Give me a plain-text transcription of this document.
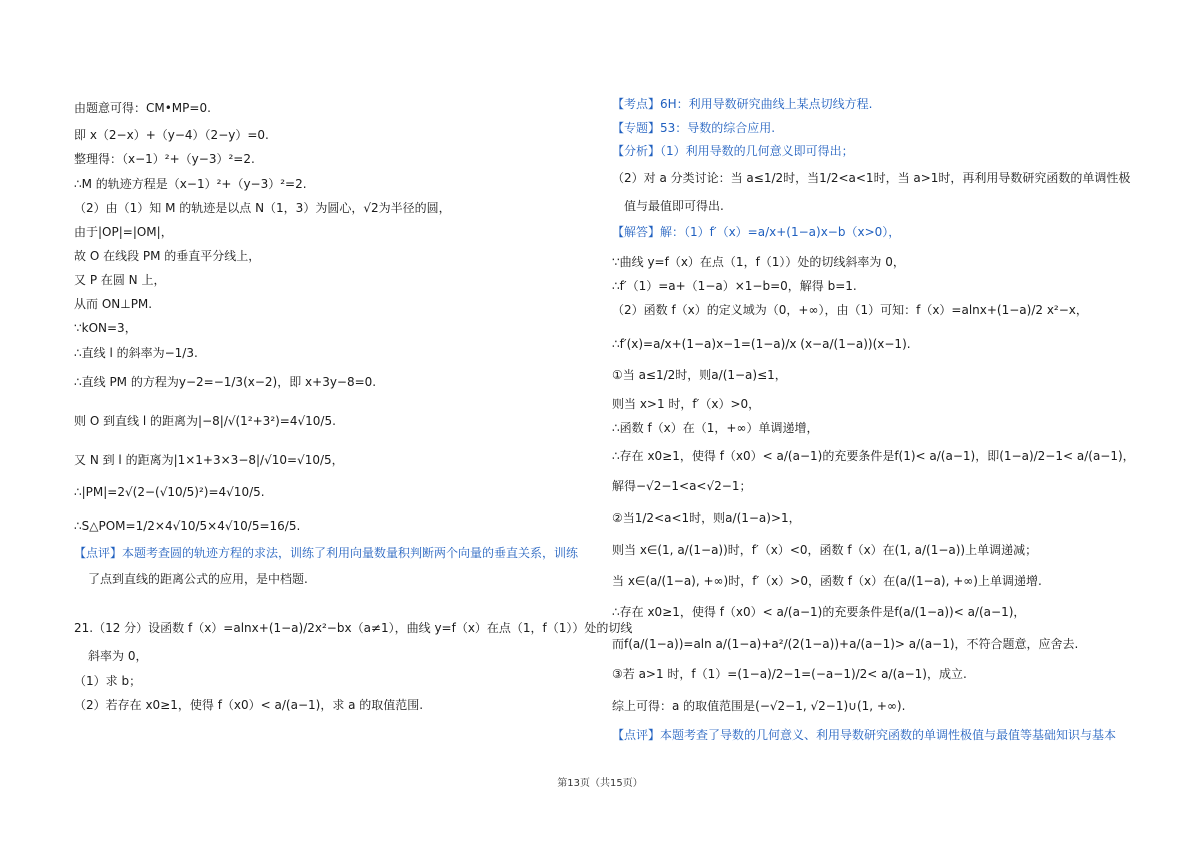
由题意可得：CM•MP=0.
即 x（2−x）+（y−4）（2−y）=0.
整理得：（x−1）²+（y−3）²=2.
∴M 的轨迹方程是（x−1）²+（y−3）²=2.
（2）由（1）知 M 的轨迹是以点 N（1，3）为圆心，√2为半径的圆，
由于|OP|=|OM|，
故 O 在线段 PM 的垂直平分线上，
又 P 在圆 N 上，
从而 ON⊥PM.
∵kON=3，
∴直线 l 的斜率为−1/3.
∴直线 PM 的方程为y−2=−1/3(x−2)，即 x+3y−8=0.
则 O 到直线 l 的距离为|−8|/√(1²+3²)=4√10/5.
又 N 到 l 的距离为|1×1+3×3−8|/√10=√10/5，
∴|PM|=2√(2−(√10/5)²)=4√10/5.
∴S△POM=1/2×4√10/5×4√10/5=16/5.
【点评】本题考查圆的轨迹方程的求法，训练了利用向量数量积判断两个向量的垂直关系，训练
了点到直线的距离公式的应用，是中档题.
21.（12 分）设函数 f（x）=alnx+(1−a)/2x²−bx（a≠1），曲线 y=f（x）在点（1，f（1））处的切线
斜率为 0，
（1）求 b；
（2）若存在 x0≥1，使得 f（x0）< a/(a−1)，求 a 的取值范围.
【考点】6H：利用导数研究曲线上某点切线方程.
【专题】53：导数的综合应用.
【分析】（1）利用导数的几何意义即可得出；
（2）对 a 分类讨论：当 a≤1/2时，当1/2<a<1时，当 a>1时，再利用导数研究函数的单调性极
值与最值即可得出.
【解答】解：（1）f′（x）=a/x+(1−a)x−b（x>0），
∵曲线 y=f（x）在点（1，f（1））处的切线斜率为 0，
∴f′（1）=a+（1−a）×1−b=0，解得 b=1.
（2）函数 f（x）的定义域为（0，+∞），由（1）可知：f（x）=alnx+(1−a)/2 x²−x，
∴f′(x)=a/x+(1−a)x−1=(1−a)/x (x−a/(1−a))(x−1).
①当 a≤1/2时，则a/(1−a)≤1，
则当 x>1 时，f′（x）>0，
∴函数 f（x）在（1，+∞）单调递增，
∴存在 x0≥1，使得 f（x0）< a/(a−1)的充要条件是f(1)< a/(a−1)，即(1−a)/2−1< a/(a−1)，
解得−√2−1<a<√2−1；
②当1/2<a<1时，则a/(1−a)>1，
则当 x∈(1, a/(1−a))时，f′（x）<0，函数 f（x）在(1, a/(1−a))上单调递减；
当 x∈(a/(1−a), +∞)时，f′（x）>0，函数 f（x）在(a/(1−a), +∞)上单调递增.
∴存在 x0≥1，使得 f（x0）< a/(a−1)的充要条件是f(a/(1−a))< a/(a−1)，
而f(a/(1−a))=aln a/(1−a)+a²/(2(1−a))+a/(a−1)> a/(a−1)，不符合题意，应舍去.
③若 a>1 时，f（1）=(1−a)/2−1=(−a−1)/2< a/(a−1)，成立.
综上可得：a 的取值范围是(−√2−1, √2−1)∪(1, +∞).
【点评】本题考查了导数的几何意义、利用导数研究函数的单调性极值与最值等基础知识与基本
第13页（共15页）
